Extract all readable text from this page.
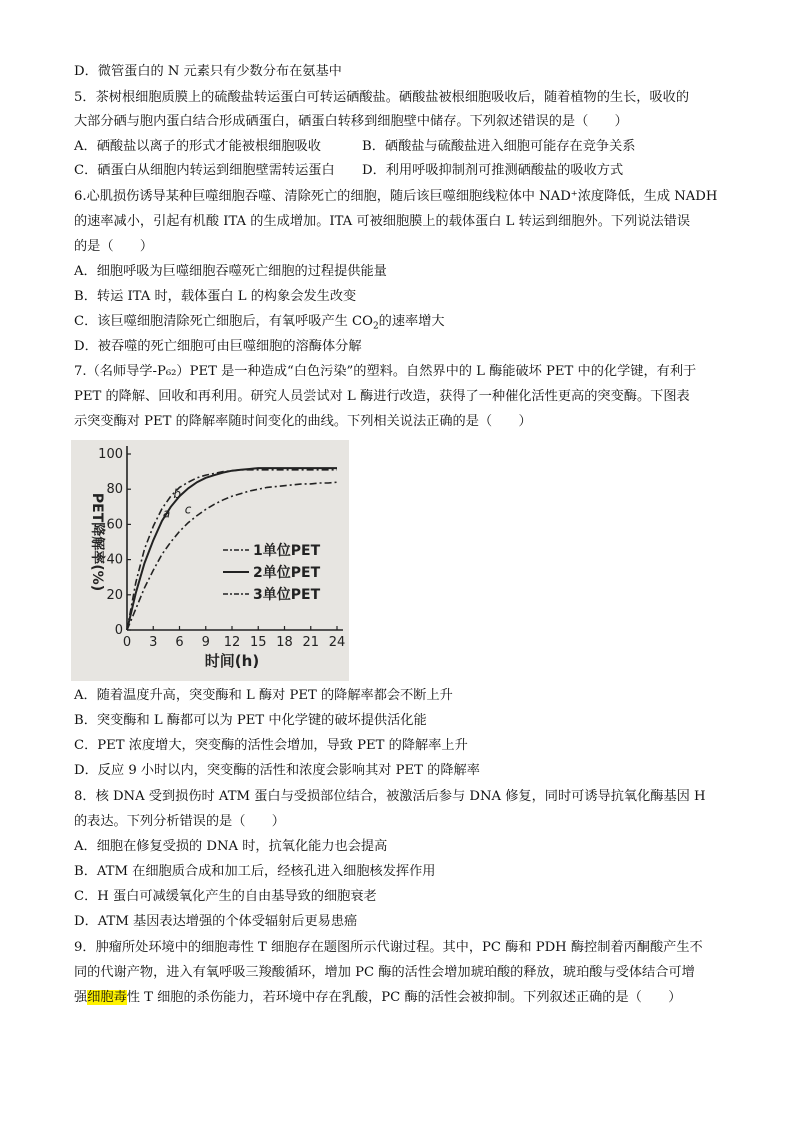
D．微管蛋白的 N 元素只有少数分布在氨基中
5．茶树根细胞质膜上的硫酸盐转运蛋白可转运硒酸盐。硒酸盐被根细胞吸收后，随着植物的生长，吸收的
大部分硒与胞内蛋白结合形成硒蛋白，硒蛋白转移到细胞壁中储存。下列叙述错误的是（　　）
A．硒酸盐以离子的形式才能被根细胞吸收	B．硒酸盐与硫酸盐进入细胞可能存在竞争关系
C．硒蛋白从细胞内转运到细胞壁需转运蛋白 D．利用呼吸抑制剂可推测硒酸盐的吸收方式
6.心肌损伤诱导某种巨噬细胞吞噬、清除死亡的细胞，随后该巨噬细胞线粒体中 NAD⁺浓度降低，生成 NADH
的速率减小，引起有机酸 ITA 的生成增加。ITA 可被细胞膜上的载体蛋白 L 转运到细胞外。下列说法错误
的是（　　）
A．细胞呼吸为巨噬细胞吞噬死亡细胞的过程提供能量
B．转运 ITA 时，载体蛋白 L 的构象会发生改变
C．该巨噬细胞清除死亡细胞后，有氧呼吸产生 $CO_2$的速率增大
D．被吞噬的死亡细胞可由巨噬细胞的溶酶体分解
7.（名师导学-P₆₂）PET 是一种造成“白色污染”的塑料。自然界中的 L 酶能破坏 PET 中的化学键，有利于
PET 的降解、回收和再利用。研究人员尝试对 L 酶进行改造，获得了一种催化活性更高的突变酶。下图表
示突变酶对 PET 的降解率随时间变化的曲线。下列相关说法正确的是（　　）
0 3 6 9 12 15 18 21 24
0
20
40
60
80
100
时间(h)
PET降解率(%)	a
b
c
1单位PET
2单位PET
3单位PET
A．随着温度升高，突变酶和 L 酶对 PET 的降解率都会不断上升
B．突变酶和 L 酶都可以为 PET 中化学键的破坏提供活化能
C．PET 浓度增大，突变酶的活性会增加，导致 PET 的降解率上升
D．反应 9 小时以内，突变酶的活性和浓度会影响其对 PET 的降解率
8．核 DNA 受到损伤时 ATM 蛋白与受损部位结合，被激活后参与 DNA 修复，同时可诱导抗氧化酶基因 H
的表达。下列分析错误的是（　　）
A．细胞在修复受损的 DNA 时，抗氧化能力也会提高
B．ATM 在细胞质合成和加工后，经核孔进入细胞核发挥作用
C．H 蛋白可减缓氧化产生的自由基导致的细胞衰老
D．ATM 基因表达增强的个体受辐射后更易患癌
9．肿瘤所处环境中的细胞毒性 T 细胞存在题图所示代谢过程。其中，PC 酶和 PDH 酶控制着丙酮酸产生不
同的代谢产物，进入有氧呼吸三羧酸循环，增加 PC 酶的活性会增加琥珀酸的释放，琥珀酸与受体结合可增
强细胞毒性 T 细胞的杀伤能力，若环境中存在乳酸，PC 酶的活性会被抑制。下列叙述正确的是（　　）
